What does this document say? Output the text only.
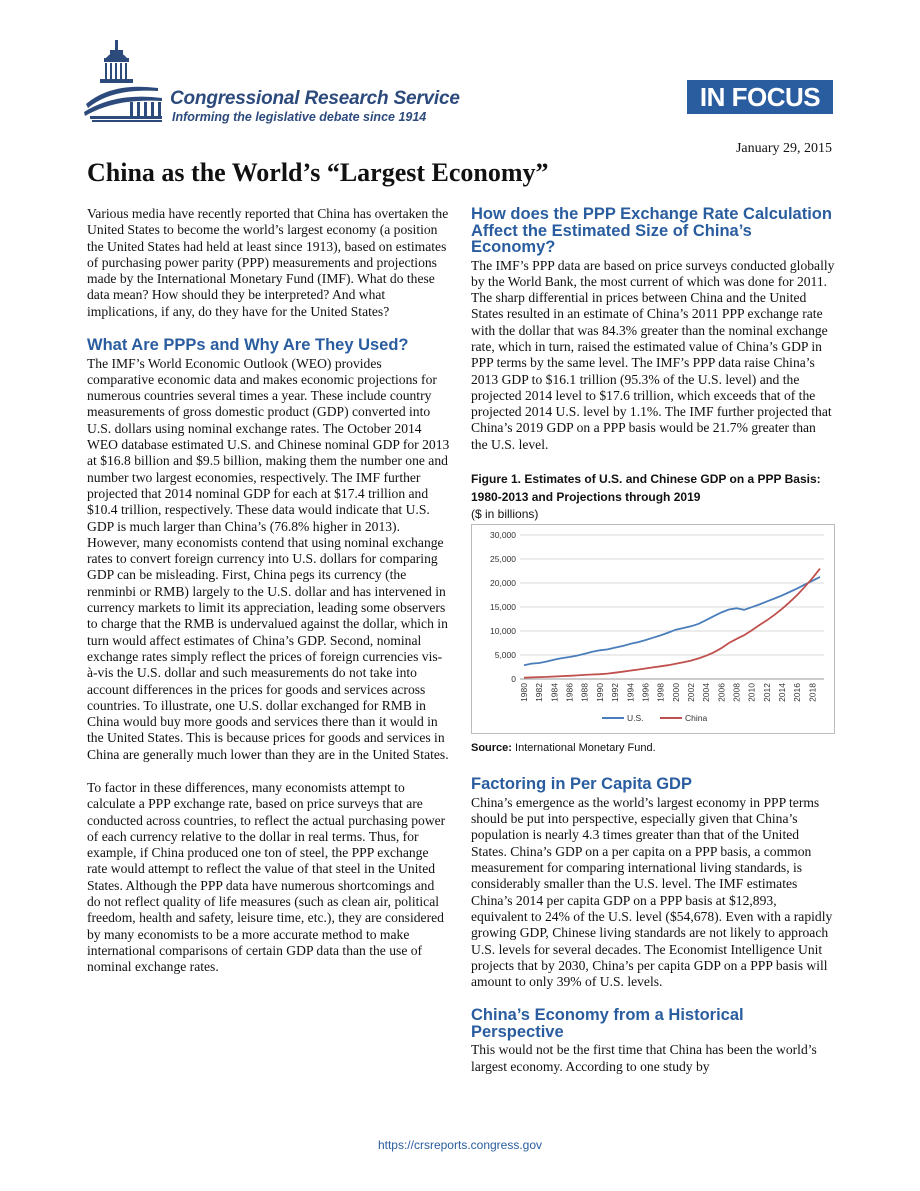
Congressional Research Service
Informing the legislative debate since 1914
IN FOCUS
January 29, 2015
China as the World’s “Largest Economy”

Various media have recently reported that China has overtaken the United States to become the world’s largest economy (a position the United States had held at least since 1913), based on estimates of purchasing power parity (PPP) measurements and projections made by the International Monetary Fund (IMF). What do these data mean? How should they be interpreted? And what implications, if any, do they have for the United States?

What Are PPPs and Why Are They Used?

The IMF’s World Economic Outlook (WEO) provides comparative economic data and makes economic projections for numerous countries several times a year. These include country measurements of gross domestic product (GDP) converted into U.S. dollars using nominal exchange rates. The October 2014 WEO database estimated U.S. and Chinese nominal GDP for 2013 at $16.8 billion and $9.5 billion, making them the number one and number two largest economies, respectively. The IMF further projected that 2014 nominal GDP for each at $17.4 trillion and $10.4 trillion, respectively. These data would indicate that U.S. GDP is much larger than China’s (76.8% higher in 2013). However, many economists contend that using nominal exchange rates to convert foreign currency into U.S. dollars for comparing GDP can be misleading. First, China pegs its currency (the renminbi or RMB) largely to the U.S. dollar and has intervened in currency markets to limit its appreciation, leading some observers to charge that the RMB is undervalued against the dollar, which in turn would affect estimates of China’s GDP. Second, nominal exchange rates simply reflect the prices of foreign currencies vis-à-vis the U.S. dollar and such measurements do not take into account differences in the prices for goods and services across countries. To illustrate, one U.S. dollar exchanged for RMB in China would buy more goods and services there than it would in the United States. This is because prices for goods and services in China are generally much lower than they are in the United States.

To factor in these differences, many economists attempt to calculate a PPP exchange rate, based on price surveys that are conducted across countries, to reflect the actual purchasing power of each currency relative to the dollar in real terms. Thus, for example, if China produced one ton of steel, the PPP exchange rate would attempt to reflect the value of that steel in the United States. Although the PPP data have numerous shortcomings and do not reflect quality of life measures (such as clean air, political freedom, health and safety, leisure time, etc.), they are considered by many economists to be a more accurate method to make international comparisons of certain GDP data than the use of nominal exchange rates.

How does the PPP Exchange Rate Calculation Affect the Estimated Size of China’s Economy?

The IMF’s PPP data are based on price surveys conducted globally by the World Bank, the most current of which was done for 2011. The sharp differential in prices between China and the United States resulted in an estimate of China’s 2011 PPP exchange rate with the dollar that was 84.3% greater than the nominal exchange rate, which in turn, raised the estimated value of China’s GDP in PPP terms by the same level. The IMF’s PPP data raise China’s 2013 GDP to $16.1 trillion (95.3% of the U.S. level) and the projected 2014 level to $17.6 trillion, which exceeds that of the projected 2014 U.S. level by 1.1%. The IMF further projected that China’s 2019 GDP on a PPP basis would be 21.7% greater than the U.S. level.

Figure 1. Estimates of U.S. and Chinese GDP on a PPP Basis: 1980-2013 and Projections through 2019
($ in billions)
0
5,000
10,000
15,000
20,000
25,000
30,000
1980 1982 1984 1986 1988 1990 1992 1994 1996 1998 2000 2002 2004 2006 2008 2010 2012 2014 2016 2018
U.S.	China
Source: International Monetary Fund.
Factoring in Per Capita GDP

China’s emergence as the world’s largest economy in PPP terms should be put into perspective, especially given that China’s population is nearly 4.3 times greater than that of the United States. China’s GDP on a per capita on a PPP basis, a common measurement for comparing international living standards, is considerably smaller than the U.S. level. The IMF estimates China’s 2014 per capita GDP on a PPP basis at $12,893, equivalent to 24% of the U.S. level ($54,678). Even with a rapidly growing GDP, Chinese living standards are not likely to approach U.S. levels for several decades. The Economist Intelligence Unit projects that by 2030, China’s per capita GDP on a PPP basis will amount to only 39% of U.S. levels.

China’s Economy from a Historical Perspective

This would not be the first time that China has been the world’s largest economy. According to one study by

https://crsreports.congress.gov
